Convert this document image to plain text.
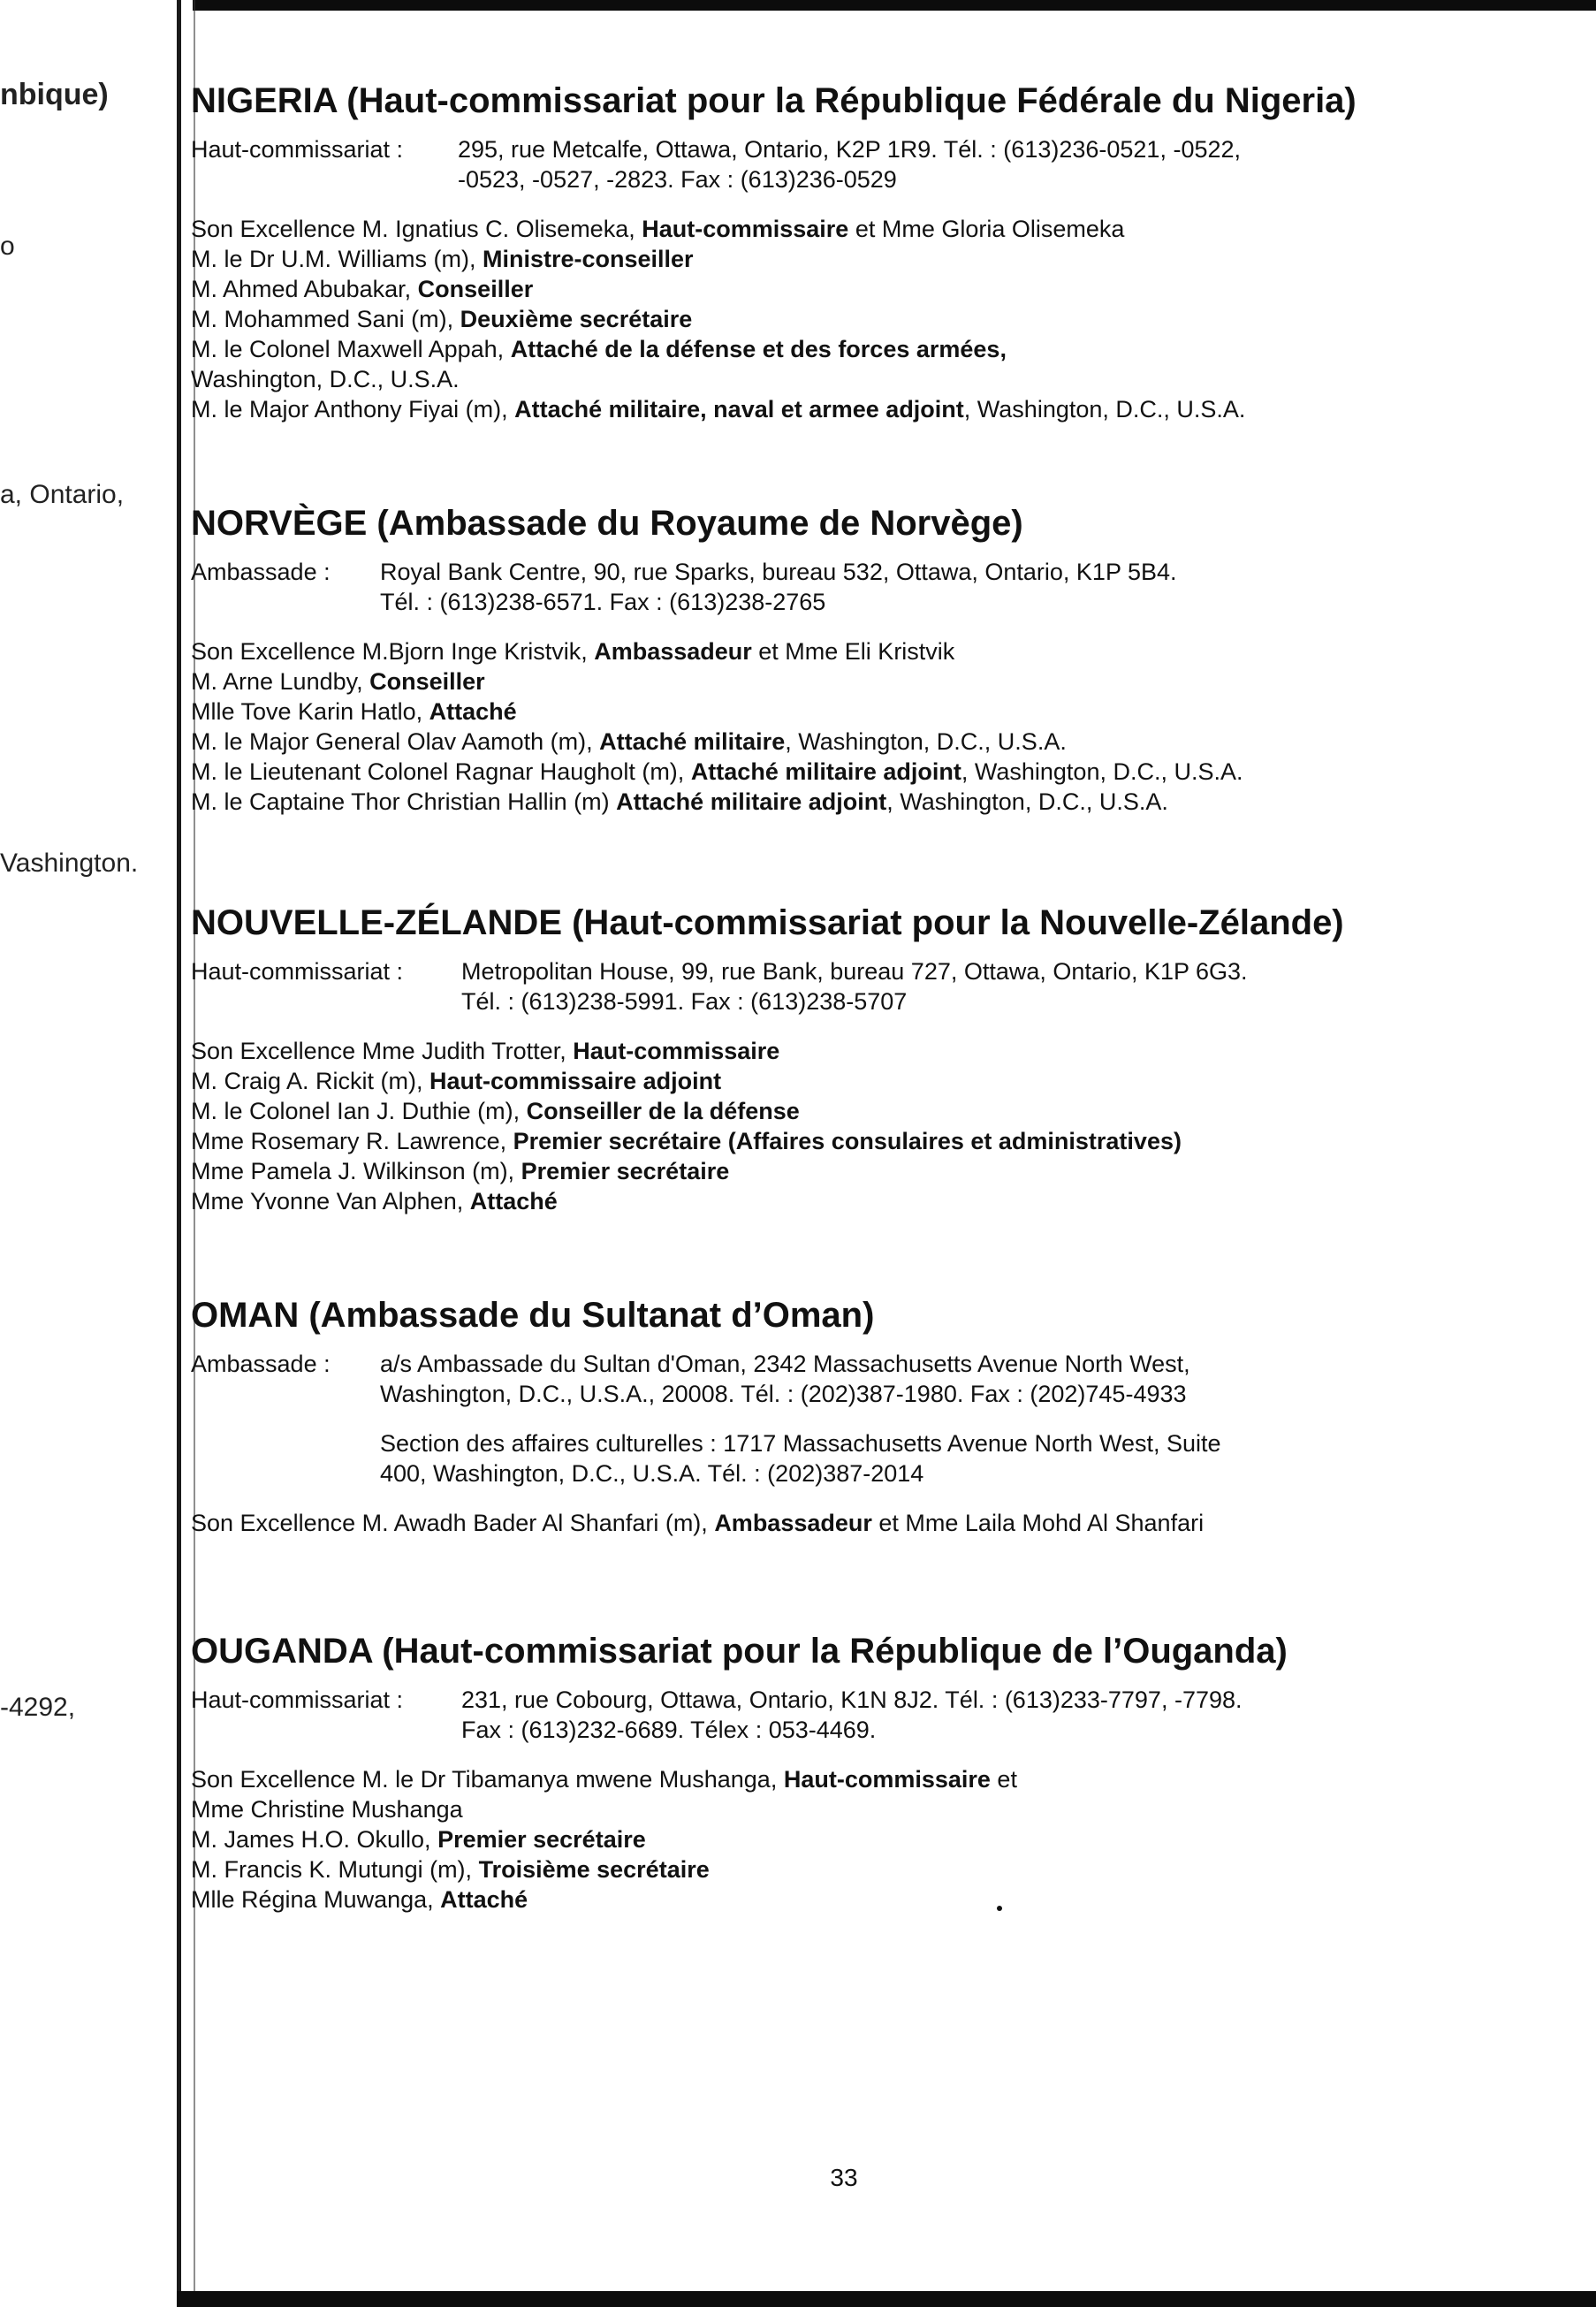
nbique)
o
a, Ontario,
Vashington.
-4292,
NIGERIA (Haut-commissariat pour la République Fédérale du Nigeria)
Haut-commissariat : 295, rue Metcalfe, Ottawa, Ontario, K2P 1R9. Tél. : (613)236-0521, -0522,
-0523, -0527, -2823. Fax : (613)236-0529
Son Excellence M. Ignatius C. Olisemeka, Haut-commissaire et Mme Gloria Olisemeka
M. le Dr U.M. Williams (m), Ministre-conseiller
M. Ahmed Abubakar, Conseiller
M. Mohammed Sani (m), Deuxième secrétaire
M. le Colonel Maxwell Appah, Attaché de la défense et des forces armées,
Washington, D.C., U.S.A.
M. le Major Anthony Fiyai (m), Attaché militaire, naval et armee adjoint, Washington, D.C., U.S.A.
NORVÈGE (Ambassade du Royaume de Norvège)
Ambassade : Royal Bank Centre, 90, rue Sparks, bureau 532, Ottawa, Ontario, K1P 5B4.
Tél. : (613)238-6571. Fax : (613)238-2765
Son Excellence M.Bjorn Inge Kristvik, Ambassadeur et Mme Eli Kristvik
M. Arne Lundby, Conseiller
Mlle Tove Karin Hatlo, Attaché
M. le Major General Olav Aamoth (m), Attaché militaire, Washington, D.C., U.S.A.
M. le Lieutenant Colonel Ragnar Haugholt (m), Attaché militaire adjoint, Washington, D.C., U.S.A.
M. le Captaine Thor Christian Hallin (m) Attaché militaire adjoint, Washington, D.C., U.S.A.
NOUVELLE-ZÉLANDE (Haut-commissariat pour la Nouvelle-Zélande)
Haut-commissariat : Metropolitan House, 99, rue Bank, bureau 727, Ottawa, Ontario, K1P 6G3.
Tél. : (613)238-5991. Fax : (613)238-5707
Son Excellence Mme Judith Trotter, Haut-commissaire
M. Craig A. Rickit (m), Haut-commissaire adjoint
M. le Colonel Ian J. Duthie (m), Conseiller de la défense
Mme Rosemary R. Lawrence, Premier secrétaire (Affaires consulaires et administratives)
Mme Pamela J. Wilkinson (m), Premier secrétaire
Mme Yvonne Van Alphen, Attaché
OMAN (Ambassade du Sultanat d’Oman)
Ambassade : a/s Ambassade du Sultan d'Oman, 2342 Massachusetts Avenue North West,
Washington, D.C., U.S.A., 20008. Tél. : (202)387-1980. Fax : (202)745-4933
Section des affaires culturelles : 1717 Massachusetts Avenue North West, Suite
400, Washington, D.C., U.S.A. Tél. : (202)387-2014
Son Excellence M. Awadh Bader Al Shanfari (m), Ambassadeur et Mme Laila Mohd Al Shanfari
OUGANDA (Haut-commissariat pour la République de l’Ouganda)
Haut-commissariat : 231, rue Cobourg, Ottawa, Ontario, K1N 8J2. Tél. : (613)233-7797, -7798.
Fax : (613)232-6689. Télex : 053-4469.
Son Excellence M. le Dr Tibamanya mwene Mushanga, Haut-commissaire et
Mme Christine Mushanga
M. James H.O. Okullo, Premier secrétaire
M. Francis K. Mutungi (m), Troisième secrétaire
Mlle Régina Muwanga, Attaché
33
